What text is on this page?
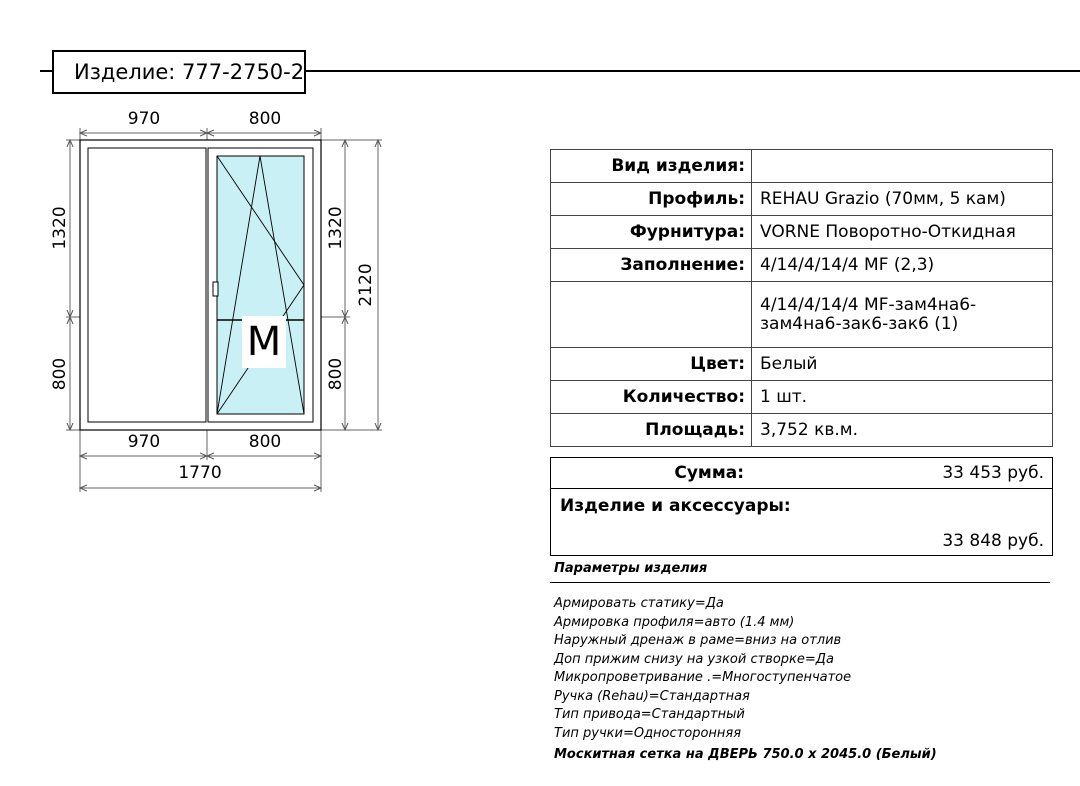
Изделие: 777-2750-2
970	800
970	800
1770
1320
800
1320
800
2120
M
Вид изделия:	
Профиль:	REHAU Grazio (70мм, 5 кам)
Фурнитура:	VORNE Поворотно-Откидная
Заполнение:	4/14/4/14/4 MF (2,3)
	4/14/4/14/4 MF-зам4на6-зам4на6-зак6-зак6 (1)
Цвет:	Белый
Количество:	1 шт.
Площадь:	3,752 кв.м.
Сумма:	33 453 руб.
Изделие и аксессуары:
33 848 руб.
Параметры изделия
Армировать статику=Да
Армировка профиля=авто (1.4 мм)
Наружный дренаж в раме=вниз на отлив
Доп прижим снизу на узкой створке=Да
Микропроветривание .=Многоступенчатое
Ручка (Rehau)=Стандартная
Тип привода=Стандартный
Тип ручки=Односторонняя
Москитная сетка на ДВЕРЬ 750.0 x 2045.0 (Белый)
